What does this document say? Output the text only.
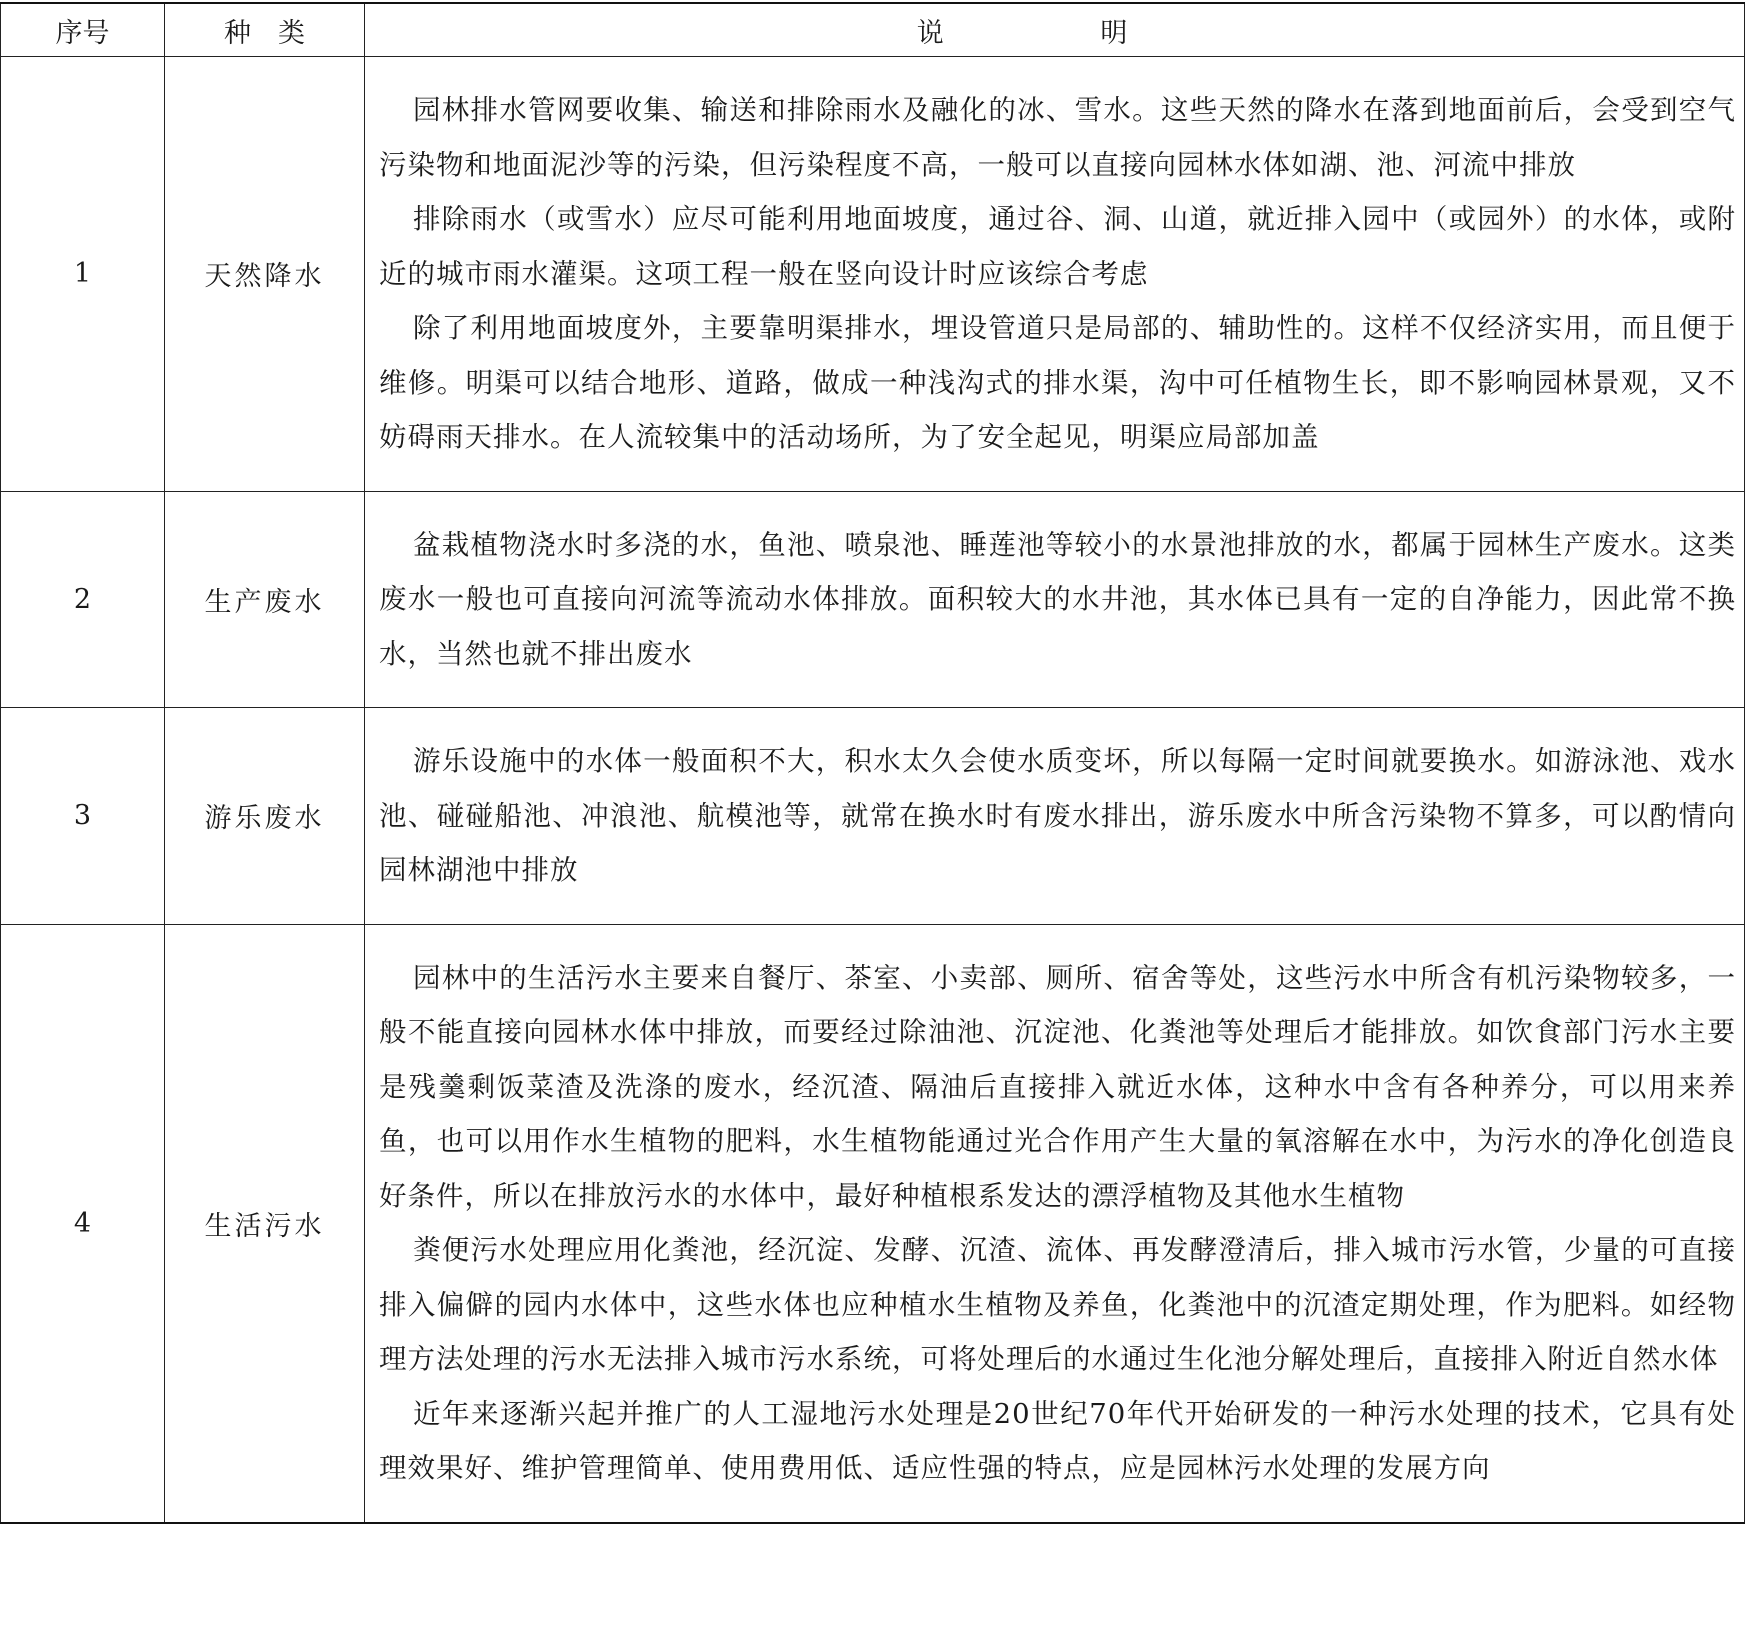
序号	种　类	说　明
1	天然降水	园林排水管网要收集、输送和排除雨水及融化的冰、雪水。这些天然的降水在落到地面前后，会受到空气污染物和地面泥沙等的污染，但污染程度不高，一般可以直接向园林水体如湖、池、河流中排放

排除雨水（或雪水）应尽可能利用地面坡度，通过谷、洞、山道，就近排入园中（或园外）的水体，或附近的城市雨水灌渠。这项工程一般在竖向设计时应该综合考虑

除了利用地面坡度外，主要靠明渠排水，埋设管道只是局部的、辅助性的。这样不仅经济实用，而且便于维修。明渠可以结合地形、道路，做成一种浅沟式的排水渠，沟中可任植物生长，即不影响园林景观，又不妨碍雨天排水。在人流较集中的活动场所，为了安全起见，明渠应局部加盖

2	生产废水	盆栽植物浇水时多浇的水，鱼池、喷泉池、睡莲池等较小的水景池排放的水，都属于园林生产废水。这类废水一般也可直接向河流等流动水体排放。面积较大的水井池，其水体已具有一定的自净能力，因此常不换水，当然也就不排出废水

3	游乐废水	游乐设施中的水体一般面积不大，积水太久会使水质变坏，所以每隔一定时间就要换水。如游泳池、戏水池、碰碰船池、冲浪池、航模池等，就常在换水时有废水排出，游乐废水中所含污染物不算多，可以酌情向园林湖池中排放

4	生活污水	园林中的生活污水主要来自餐厅、茶室、小卖部、厕所、宿舍等处，这些污水中所含有机污染物较多，一般不能直接向园林水体中排放，而要经过除油池、沉淀池、化粪池等处理后才能排放。如饮食部门污水主要是残羹剩饭菜渣及洗涤的废水，经沉渣、隔油后直接排入就近水体，这种水中含有各种养分，可以用来养鱼，也可以用作水生植物的肥料，水生植物能通过光合作用产生大量的氧溶解在水中，为污水的净化创造良好条件，所以在排放污水的水体中，最好种植根系发达的漂浮植物及其他水生植物

粪便污水处理应用化粪池，经沉淀、发酵、沉渣、流体、再发酵澄清后，排入城市污水管，少量的可直接排入偏僻的园内水体中，这些水体也应种植水生植物及养鱼，化粪池中的沉渣定期处理，作为肥料。如经物理方法处理的污水无法排入城市污水系统，可将处理后的水通过生化池分解处理后，直接排入附近自然水体

近年来逐渐兴起并推广的人工湿地污水处理是20世纪70年代开始研发的一种污水处理的技术，它具有处理效果好、维护管理简单、使用费用低、适应性强的特点，应是园林污水处理的发展方向
